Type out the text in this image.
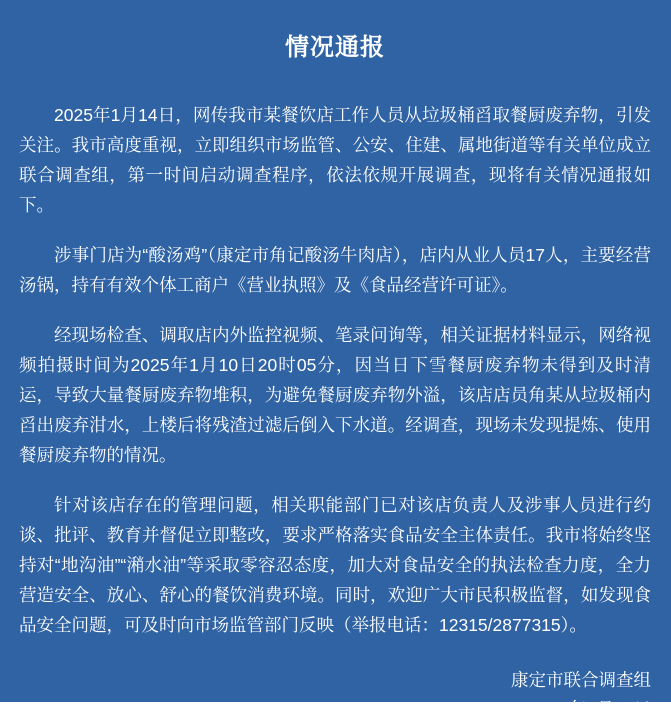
情况通报

2025年1月14日，网传我市某餐饮店工作人员从垃圾桶舀取餐厨废弃物，引发关注。我市高度重视，立即组织市场监管、公安、住建、属地街道等有关单位成立联合调查组，第一时间启动调查程序，依法依规开展调查，现将有关情况通报如下。

涉事门店为“酸汤鸡”（康定市角记酸汤牛肉店），店内从业人员17人，主要经营汤锅，持有有效个体工商户《营业执照》及《食品经营许可证》。

经现场检查、调取店内外监控视频、笔录问询等，相关证据材料显示，网络视频拍摄时间为2025年1月10日20时05分，因当日下雪餐厨废弃物未得到及时清运，导致大量餐厨废弃物堆积，为避免餐厨废弃物外溢，该店店员角某从垃圾桶内舀出废弃泔水，上楼后将残渣过滤后倒入下水道。经调查，现场未发现提炼、使用餐厨废弃物的情况。

针对该店存在的管理问题，相关职能部门已对该店负责人及涉事人员进行约谈、批评、教育并督促立即整改，要求严格落实食品安全主体责任。我市将始终坚持对“地沟油”“潲水油”等采取零容忍态度，加大对食品安全的执法检查力度，全力营造安全、放心、舒心的餐饮消费环境。同时，欢迎广大市民积极监督，如发现食品安全问题，可及时向市场监管部门反映（举报电话：12315/2877315）。

康定市联合调查组
2025年1月16日
